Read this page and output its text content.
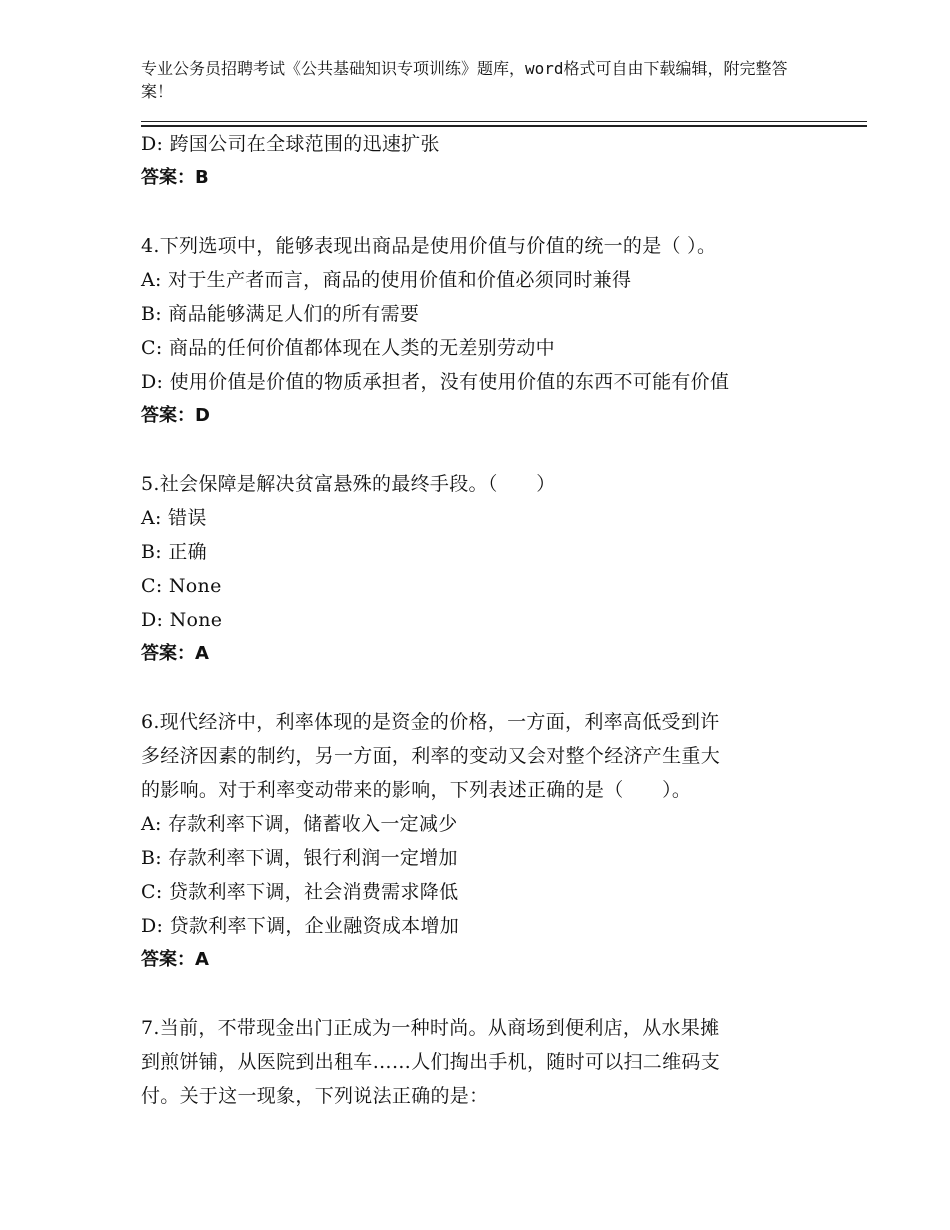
专业公务员招聘考试《公共基础知识专项训练》题库，word格式可自由下载编辑，附完整答案！
D: 跨国公司在全球范围的迅速扩张
答案：B
4.下列选项中，能够表现出商品是使用价值与价值的统一的是（ ）。
A: 对于生产者而言，商品的使用价值和价值必须同时兼得
B: 商品能够满足人们的所有需要
C: 商品的任何价值都体现在人类的无差别劳动中
D: 使用价值是价值的物质承担者，没有使用价值的东西不可能有价值
答案：D
5.社会保障是解决贫富悬殊的最终手段。（　　）
A: 错误
B: 正确
C: None
D: None
答案：A
6.现代经济中，利率体现的是资金的价格，一方面，利率高低受到许
多经济因素的制约，另一方面，利率的变动又会对整个经济产生重大
的影响。对于利率变动带来的影响，下列表述正确的是（　　）。
A: 存款利率下调，储蓄收入一定减少
B: 存款利率下调，银行利润一定增加
C: 贷款利率下调，社会消费需求降低
D: 贷款利率下调，企业融资成本增加
答案：A
7.当前，不带现金出门正成为一种时尚。从商场到便利店，从水果摊
到煎饼铺，从医院到出租车……人们掏出手机，随时可以扫二维码支
付。关于这一现象，下列说法正确的是：
